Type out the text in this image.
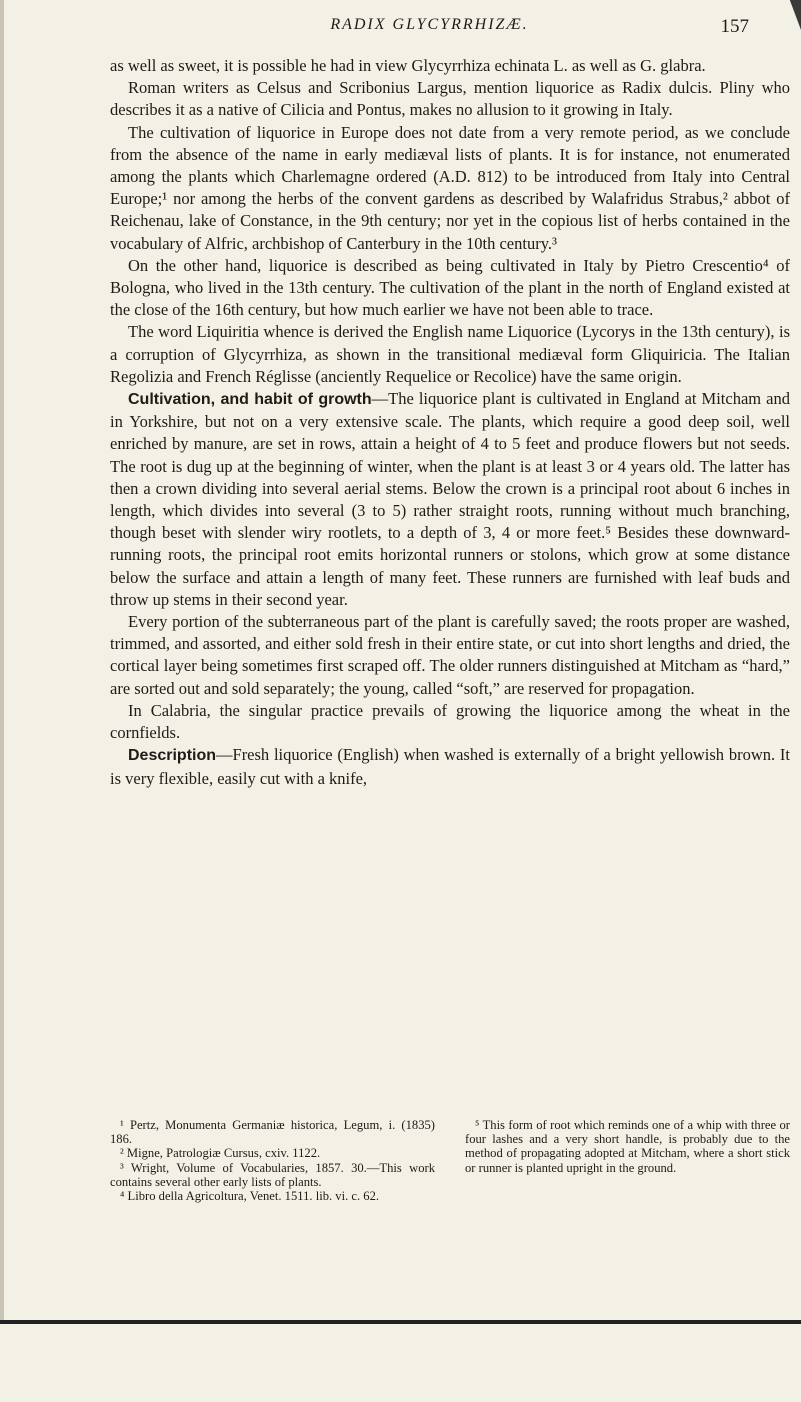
RADIX GLYCYRRHIZÆ.	157

as well as sweet, it is possible he had in view Glycyrrhiza echinata L. as well as G. glabra.

Roman writers as Celsus and Scribonius Largus, mention liquorice as Radix dulcis. Pliny who describes it as a native of Cilicia and Pontus, makes no allusion to it growing in Italy.

The cultivation of liquorice in Europe does not date from a very remote period, as we conclude from the absence of the name in early mediæval lists of plants. It is for instance, not enumerated among the plants which Charlemagne ordered (A.D. 812) to be introduced from Italy into Central Europe;¹ nor among the herbs of the convent gardens as described by Walafridus Strabus,² abbot of Reichenau, lake of Constance, in the 9th century; nor yet in the copious list of herbs contained in the vocabulary of Alfric, archbishop of Canterbury in the 10th century.³

On the other hand, liquorice is described as being cultivated in Italy by Pietro Crescentio⁴ of Bologna, who lived in the 13th century. The cultivation of the plant in the north of England existed at the close of the 16th century, but how much earlier we have not been able to trace.

The word Liquiritia whence is derived the English name Liquorice (Lycorys in the 13th century), is a corruption of Glycyrrhiza, as shown in the transitional mediæval form Gliquiricia. The Italian Regolizia and French Réglisse (anciently Requelice or Recolice) have the same origin.

Cultivation, and habit of growth—The liquorice plant is cultivated in England at Mitcham and in Yorkshire, but not on a very extensive scale. The plants, which require a good deep soil, well enriched by manure, are set in rows, attain a height of 4 to 5 feet and produce flowers but not seeds. The root is dug up at the beginning of winter, when the plant is at least 3 or 4 years old. The latter has then a crown dividing into several aerial stems. Below the crown is a principal root about 6 inches in length, which divides into several (3 to 5) rather straight roots, running without much branching, though beset with slender wiry rootlets, to a depth of 3, 4 or more feet.⁵ Besides these downward-running roots, the principal root emits horizontal runners or stolons, which grow at some distance below the surface and attain a length of many feet. These runners are furnished with leaf buds and throw up stems in their second year.

Every portion of the subterraneous part of the plant is carefully saved; the roots proper are washed, trimmed, and assorted, and either sold fresh in their entire state, or cut into short lengths and dried, the cortical layer being sometimes first scraped off. The older runners distinguished at Mitcham as “hard,” are sorted out and sold separately; the young, called “soft,” are reserved for propagation.

In Calabria, the singular practice prevails of growing the liquorice among the wheat in the cornfields.

Description—Fresh liquorice (English) when washed is externally of a bright yellowish brown. It is very flexible, easily cut with a knife,

¹ Pertz, Monumenta Germaniæ historica, Legum, i. (1835) 186.

² Migne, Patrologiæ Cursus, cxiv. 1122.

³ Wright, Volume of Vocabularies, 1857. 30.—This work contains several other early lists of plants.

⁴ Libro della Agricoltura, Venet. 1511. lib. vi. c. 62.

⁵ This form of root which reminds one of a whip with three or four lashes and a very short handle, is probably due to the method of propagating adopted at Mitcham, where a short stick or runner is planted upright in the ground.
